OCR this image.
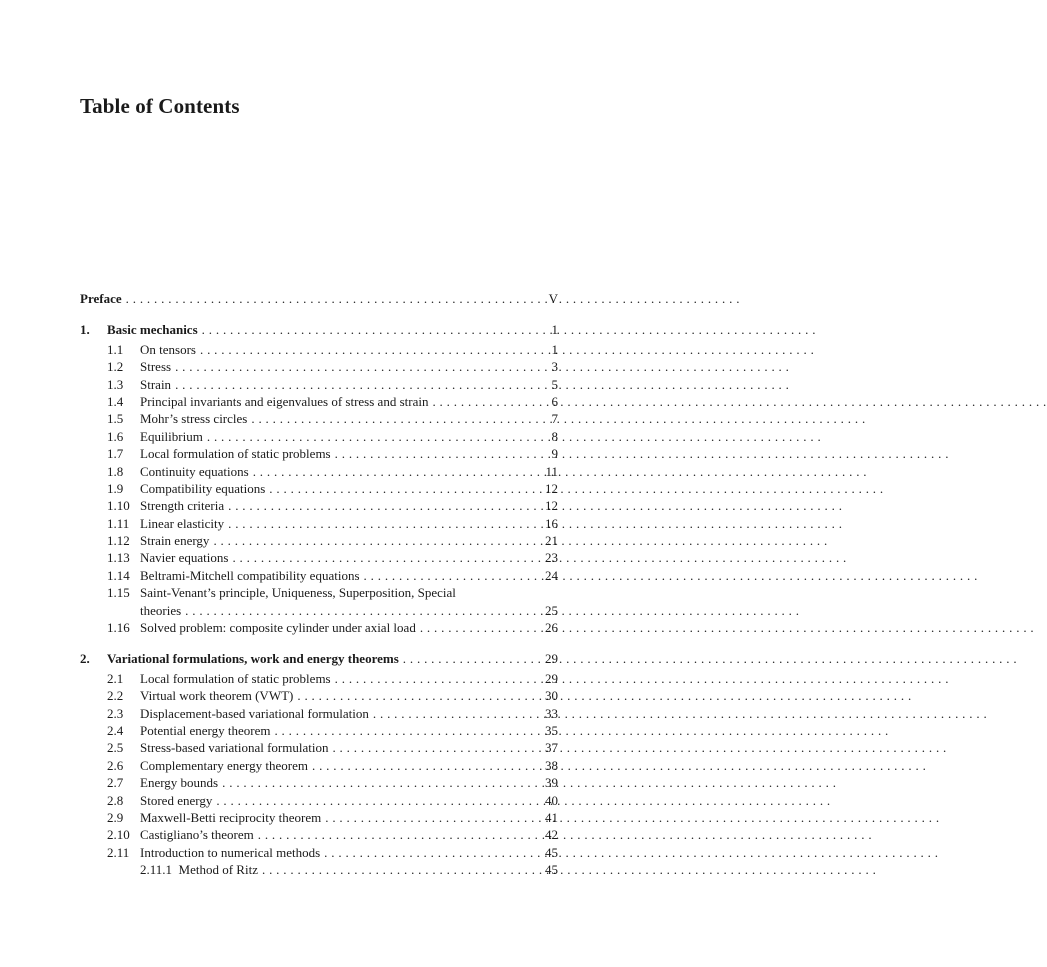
Table of Contents
Preface . . .	V
1.	Basic mechanics . . .	1
1.1	On tensors . . .	1
1.2	Stress . . .	3
1.3	Strain . . .	5
1.4	Principal invariants and eigenvalues of stress and strain . . .	6
1.5	Mohr’s stress circles . . .	7
1.6	Equilibrium . . .	8
1.7	Local formulation of static problems . . .	9
1.8	Continuity equations . . .	11
1.9	Compatibility equations . . .	12
1.10 Strength criteria . . .	12
1.11 Linear elasticity . . .	16
1.12 Strain energy . . .	21
1.13 Navier equations . . .	23
1.14 Beltrami-Mitchell compatibility equations . . .	24
1.15 Saint-Venant’s principle, Uniqueness, Superposition, Special
theories . . .	25
1.16 Solved problem: composite cylinder under axial load . . .	26
2.	Variational formulations, work and energy theorems . . .	29
2.1	Local formulation of static problems . . .	29
2.2	Virtual work theorem (VWT) . . .	30
2.3	Displacement-based variational formulation . . .	33
2.4	Potential energy theorem . . .	35
2.5	Stress-based variational formulation . . .	37
2.6	Complementary energy theorem . . .	38
2.7	Energy bounds . . .	39
2.8	Stored energy . . .	40
2.9	Maxwell-Betti reciprocity theorem . . .	41
2.10 Castigliano’s theorem . . .	42
2.11 Introduction to numerical methods . . .	45
2.11.1 Method of Ritz . . .	45
